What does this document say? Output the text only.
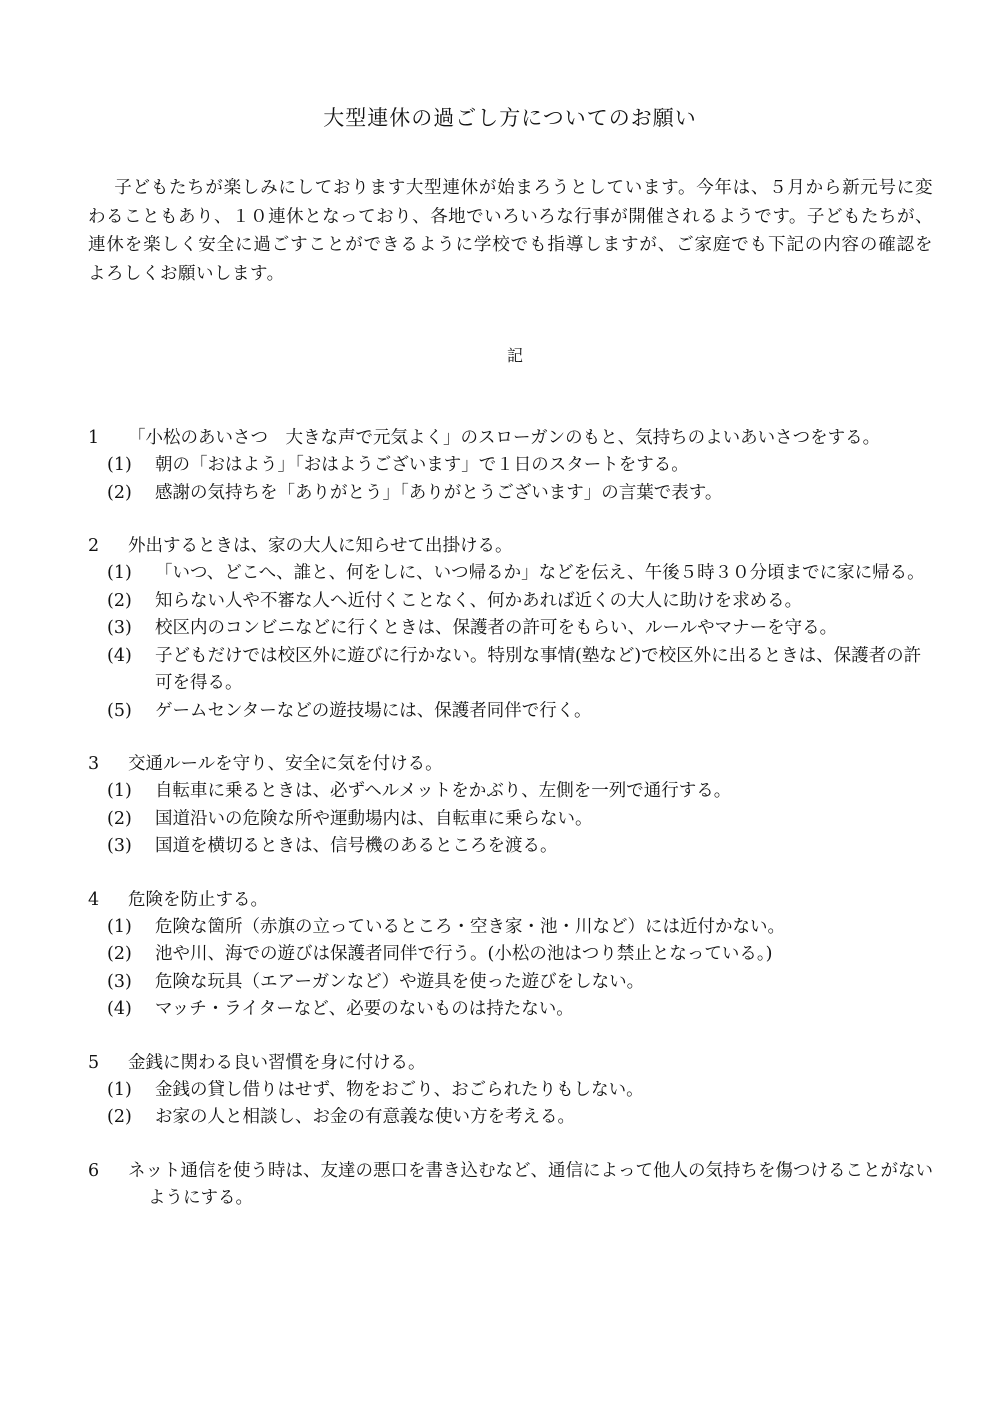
大型連休の過ごし方についてのお願い
子どもたちが楽しみにしております大型連休が始まろうとしています。今年は、５月から新元号に変わることもあり、１０連休となっており、各地でいろいろな行事が開催されるようです。子どもたちが、連休を楽しく安全に過ごすことができるように学校でも指導しますが、ご家庭でも下記の内容の確認をよろしくお願いします。
記
1	「小松のあいさつ　大きな声で元気よく」のスローガンのもと、気持ちのよいあいさつをする。
(1)	朝の「おはよう」「おはようございます」で１日のスタートをする。
(2)	感謝の気持ちを「ありがとう」「ありがとうございます」の言葉で表す。
2	外出するときは、家の大人に知らせて出掛ける。
(1)	「いつ、どこへ、誰と、何をしに、いつ帰るか」などを伝え、午後５時３０分頃までに家に帰る。
(2)	知らない人や不審な人へ近付くことなく、何かあれば近くの大人に助けを求める。
(3)	校区内のコンビニなどに行くときは、保護者の許可をもらい、ルールやマナーを守る。
(4)	子どもだけでは校区外に遊びに行かない。特別な事情(塾など)で校区外に出るときは、保護者の許可を得る。
(5)	ゲームセンターなどの遊技場には、保護者同伴で行く。
3	交通ルールを守り、安全に気を付ける。
(1)	自転車に乗るときは、必ずヘルメットをかぶり、左側を一列で通行する。
(2)	国道沿いの危険な所や運動場内は、自転車に乗らない。
(3)	国道を横切るときは、信号機のあるところを渡る。
4	危険を防止する。
(1)	危険な箇所（赤旗の立っているところ・空き家・池・川など）には近付かない。
(2)	池や川、海での遊びは保護者同伴で行う。(小松の池はつり禁止となっている。)
(3)	危険な玩具（エアーガンなど）や遊具を使った遊びをしない。
(4)	マッチ・ライターなど、必要のないものは持たない。
5	金銭に関わる良い習慣を身に付ける。
(1)	金銭の貸し借りはせず、物をおごり、おごられたりもしない。
(2)	お家の人と相談し、お金の有意義な使い方を考える。
6	ネット通信を使う時は、友達の悪口を書き込むなど、通信によって他人の気持ちを傷つけることがないようにする。
